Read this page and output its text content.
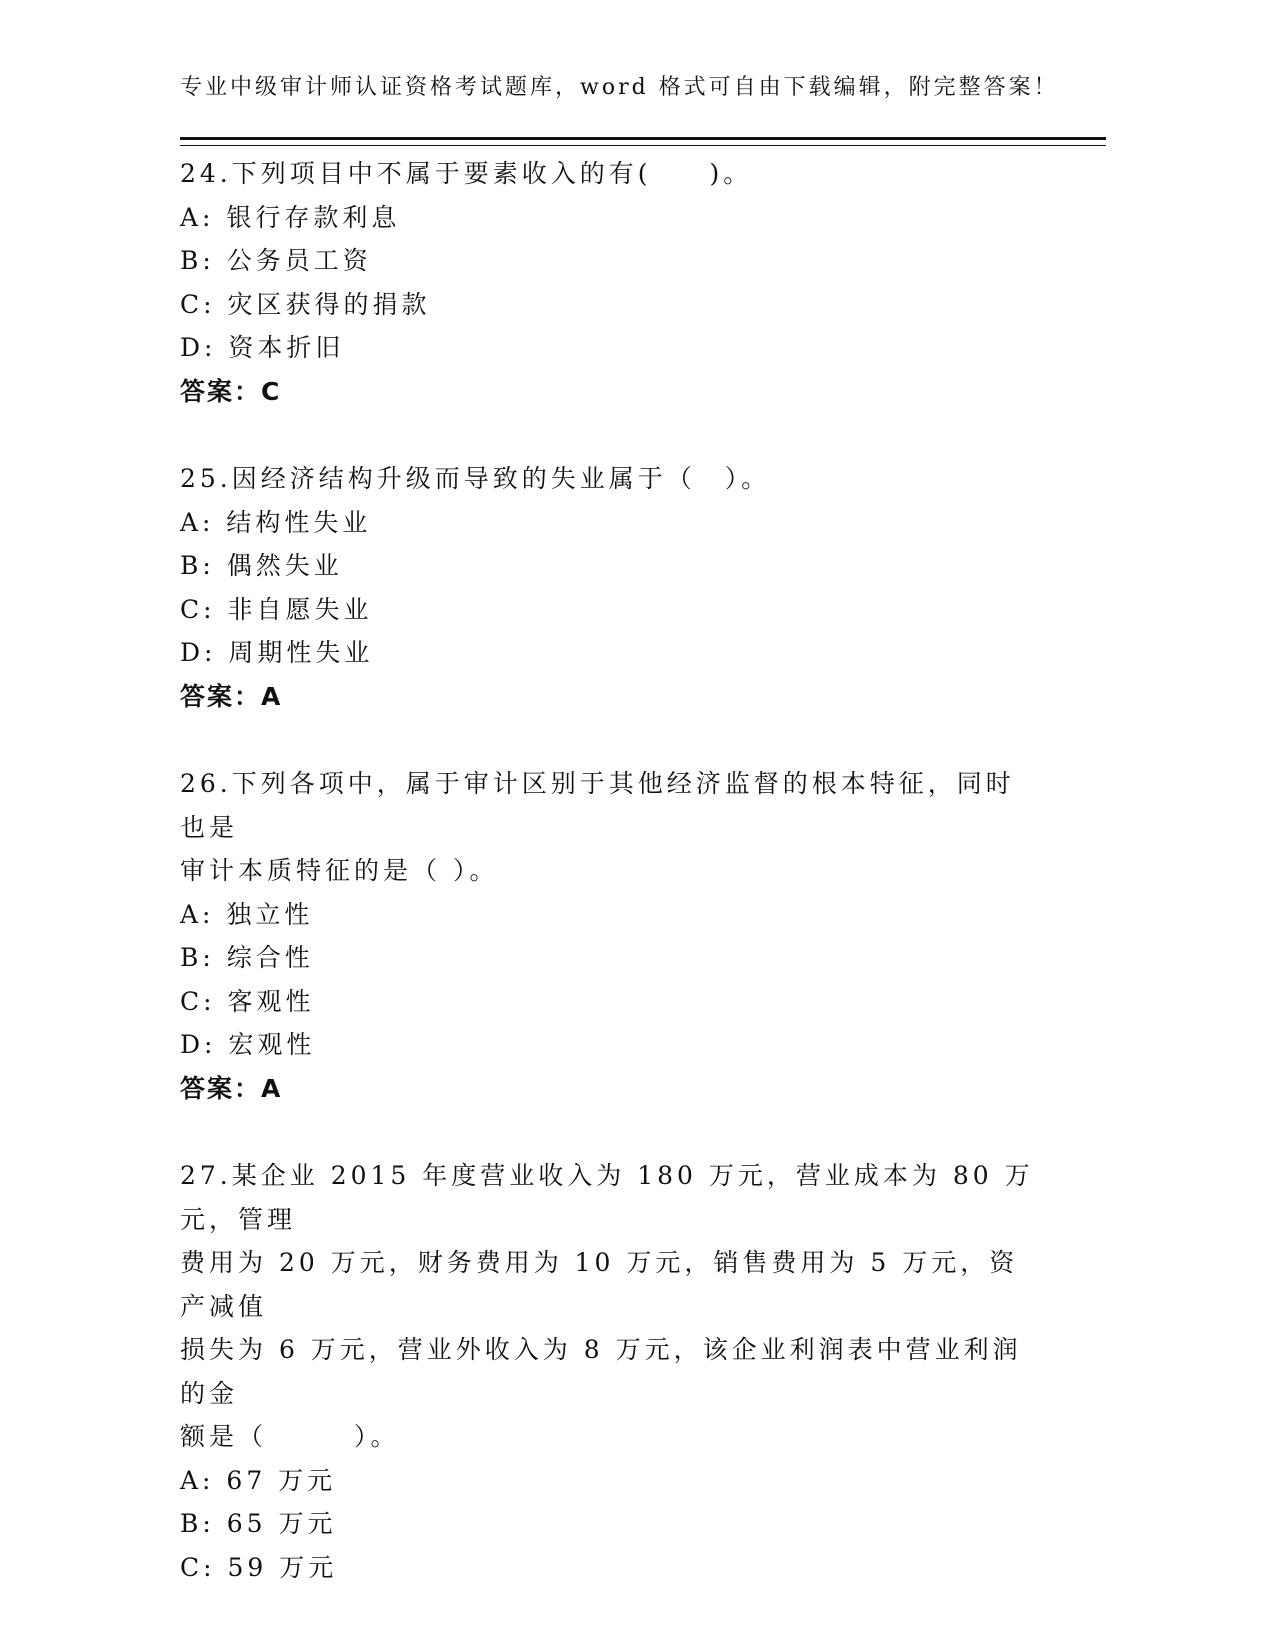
专业中级审计师认证资格考试题库，word 格式可自由下载编辑，附完整答案！
24.下列项目中不属于要素收入的有(　　)。
A: 银行存款利息
B: 公务员工资
C: 灾区获得的捐款
D: 资本折旧
答案：C
25.因经济结构升级而导致的失业属于（　）。
A: 结构性失业
B: 偶然失业
C: 非自愿失业
D: 周期性失业
答案：A
26.下列各项中，属于审计区别于其他经济监督的根本特征，同时也是
审计本质特征的是（ ）。
A: 独立性
B: 综合性
C: 客观性
D: 宏观性
答案：A
27.某企业 2015 年度营业收入为 180 万元，营业成本为 80 万元，管理
费用为 20 万元，财务费用为 10 万元，销售费用为 5 万元，资产减值
损失为 6 万元，营业外收入为 8 万元，该企业利润表中营业利润的金
额是（　　　）。
A: 67 万元
B: 65 万元
C: 59 万元
